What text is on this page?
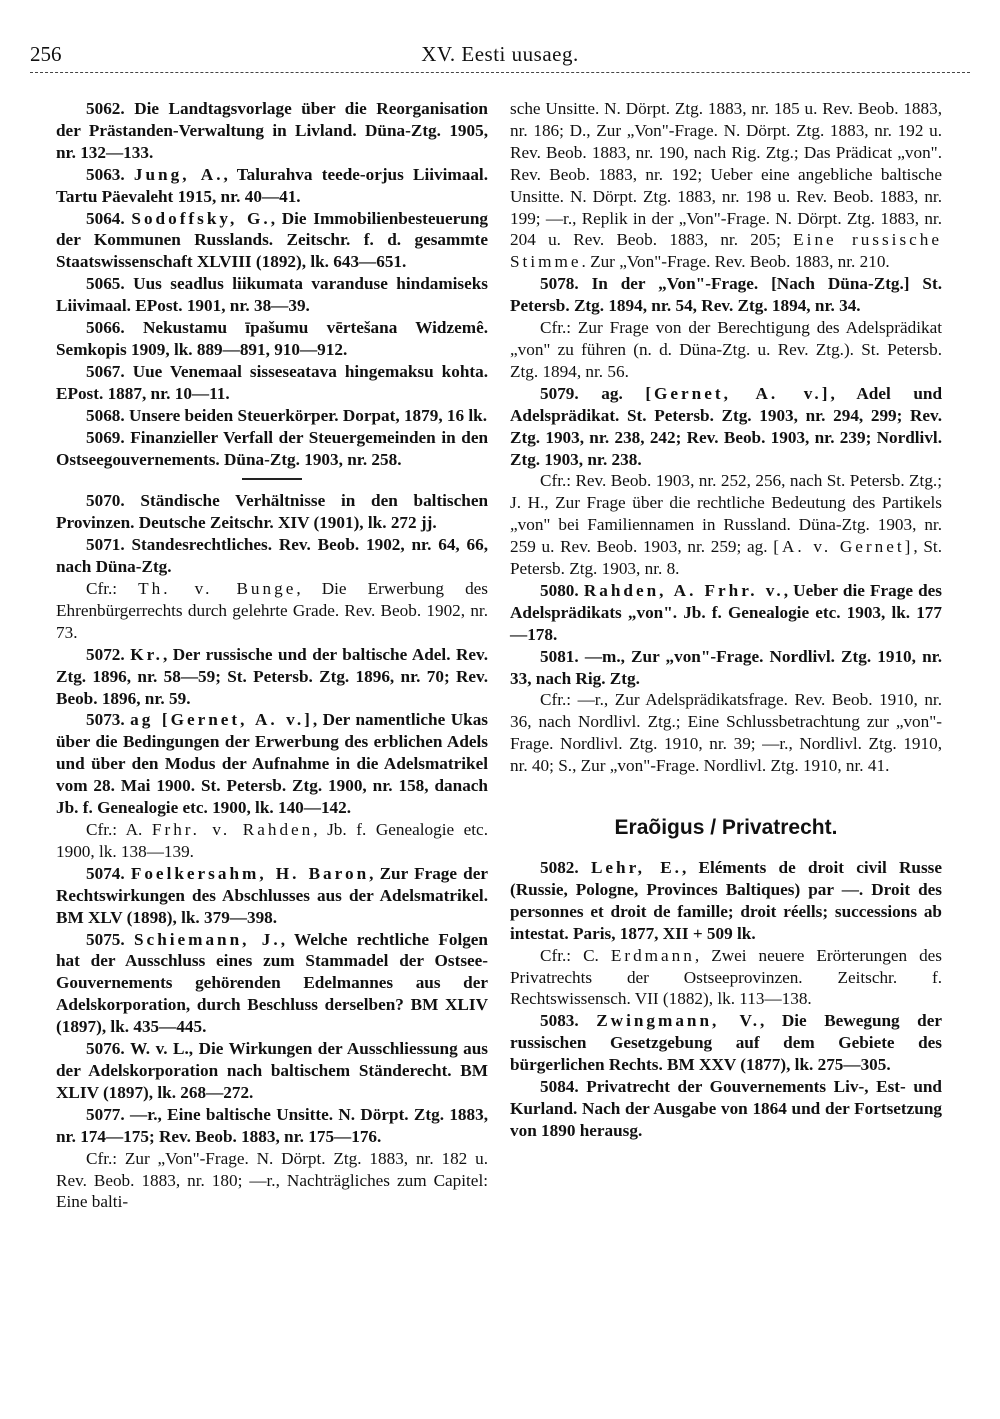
256	XV. Eesti uusaeg.

5062. Die Landtagsvorlage über die Reorganisation der Prästanden-Verwaltung in Livland. Düna-Ztg. 1905, nr. 132—133.

5063. Jung, A., Talurahva teede-orjus Liivimaal. Tartu Päevaleht 1915, nr. 40—41.

5064. Sodoffsky, G., Die Immobilienbesteuerung der Kommunen Russlands. Zeitschr. f. d. gesammte Staatswissenschaft XLVIII (1892), lk. 643—651.

5065. Uus seadlus liikumata varanduse hindamiseks Liivimaal. EPost. 1901, nr. 38—39.

5066. Nekustamu īpašumu vērtešana Widzemê. Semkopis 1909, lk. 889—891, 910—912.

5067. Uue Venemaal sisseseatava hingemaksu kohta. EPost. 1887, nr. 10—11.

5068. Unsere beiden Steuerkörper. Dorpat, 1879, 16 lk.

5069. Finanzieller Verfall der Steuergemeinden in den Ostseegouvernements. Düna-Ztg. 1903, nr. 258.

5070. Ständische Verhältnisse in den baltischen Provinzen. Deutsche Zeitschr. XIV (1901), lk. 272 jj.

5071. Standesrechtliches. Rev. Beob. 1902, nr. 64, 66, nach Düna-Ztg.

Cfr.: Th. v. Bunge, Die Erwerbung des Ehrenbürgerrechts durch gelehrte Grade. Rev. Beob. 1902, nr. 73.

5072. Kr., Der russische und der baltische Adel. Rev. Ztg. 1896, nr. 58—59; St. Petersb. Ztg. 1896, nr. 70; Rev. Beob. 1896, nr. 59.

5073. ag [Gernet, A. v.], Der namentliche Ukas über die Bedingungen der Erwerbung des erblichen Adels und über den Modus der Aufnahme in die Adelsmatrikel vom 28. Mai 1900. St. Petersb. Ztg. 1900, nr. 158, danach Jb. f. Genealogie etc. 1900, lk. 140—142.

Cfr.: A. Frhr. v. Rahden, Jb. f. Genealogie etc. 1900, lk. 138—139.

5074. Foelkersahm, H. Baron, Zur Frage der Rechtswirkungen des Abschlusses aus der Adelsmatrikel. BM XLV (1898), lk. 379—398.

5075. Schiemann, J., Welche rechtliche Folgen hat der Ausschluss eines zum Stammadel der Ostsee-Gouvernements gehörenden Edelmannes aus der Adelskorporation, durch Beschluss derselben? BM XLIV (1897), lk. 435—445.

5076. W. v. L., Die Wirkungen der Ausschliessung aus der Adelskorporation nach baltischem Ständerecht. BM XLIV (1897), lk. 268—272.

5077. —r., Eine baltische Unsitte. N. Dörpt. Ztg. 1883, nr. 174—175; Rev. Beob. 1883, nr. 175—176.

Cfr.: Zur „Von"-Frage. N. Dörpt. Ztg. 1883, nr. 182 u. Rev. Beob. 1883, nr. 180; —r., Nachträgliches zum Capitel: Eine balti-

sche Unsitte. N. Dörpt. Ztg. 1883, nr. 185 u. Rev. Beob. 1883, nr. 186; D., Zur „Von"-Frage. N. Dörpt. Ztg. 1883, nr. 192 u. Rev. Beob. 1883, nr. 190, nach Rig. Ztg.; Das Prädicat „von". Rev. Beob. 1883, nr. 192; Ueber eine angebliche baltische Unsitte. N. Dörpt. Ztg. 1883, nr. 198 u. Rev. Beob. 1883, nr. 199; —r., Replik in der „Von"-Frage. N. Dörpt. Ztg. 1883, nr. 204 u. Rev. Beob. 1883, nr. 205; Eine russische Stimme. Zur „Von"-Frage. Rev. Beob. 1883, nr. 210.

5078. In der „Von"-Frage. [Nach Düna-Ztg.] St. Petersb. Ztg. 1894, nr. 54, Rev. Ztg. 1894, nr. 34.

Cfr.: Zur Frage von der Berechtigung des Adelsprädikat „von" zu führen (n. d. Düna-Ztg. u. Rev. Ztg.). St. Petersb. Ztg. 1894, nr. 56.

5079. ag. [Gernet, A. v.], Adel und Adelsprädikat. St. Petersb. Ztg. 1903, nr. 294, 299; Rev. Ztg. 1903, nr. 238, 242; Rev. Beob. 1903, nr. 239; Nordlivl. Ztg. 1903, nr. 238.

Cfr.: Rev. Beob. 1903, nr. 252, 256, nach St. Petersb. Ztg.; J. H., Zur Frage über die rechtliche Bedeutung des Partikels „von" bei Familiennamen in Russland. Düna-Ztg. 1903, nr. 259 u. Rev. Beob. 1903, nr. 259; ag. [A. v. Gernet], St. Petersb. Ztg. 1903, nr. 8.

5080. Rahden, A. Frhr. v., Ueber die Frage des Adelsprädikats „von". Jb. f. Genealogie etc. 1903, lk. 177—178.

5081. —m., Zur „von"-Frage. Nordlivl. Ztg. 1910, nr. 33, nach Rig. Ztg.

Cfr.: —r., Zur Adelsprädikatsfrage. Rev. Beob. 1910, nr. 36, nach Nordlivl. Ztg.; Eine Schlussbetrachtung zur „von"-Frage. Nordlivl. Ztg. 1910, nr. 39; —r., Nordlivl. Ztg. 1910, nr. 40; S., Zur „von"-Frage. Nordlivl. Ztg. 1910, nr. 41.

Eraõigus / Privatrecht.

5082. Lehr, E., Eléments de droit civil Russe (Russie, Pologne, Provinces Baltiques) par —. Droit des personnes et droit de famille; droit réells; successions ab intestat. Paris, 1877, XII + 509 lk.

Cfr.: C. Erdmann, Zwei neuere Erörterungen des Privatrechts der Ostseeprovinzen. Zeitschr. f. Rechtswissensch. VII (1882), lk. 113—138.

5083. Zwingmann, V., Die Bewegung der russischen Gesetzgebung auf dem Gebiete des bürgerlichen Rechts. BM XXV (1877), lk. 275—305.

5084. Privatrecht der Gouvernements Liv-, Est- und Kurland. Nach der Ausgabe von 1864 und der Fortsetzung von 1890 herausg.
